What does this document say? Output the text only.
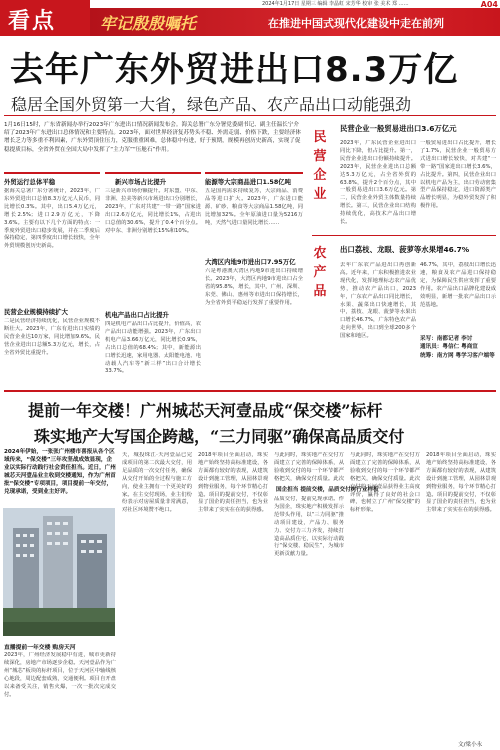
看点	牢记殷殷嘱托	在推进中国式现代化建设中走在前列
2024年1月17日 星期三 编辑 李晶虹 宋芳华 校审 张 美术 郑 ……	A04
去年广东外贸进出口8.3万亿
稳居全国外贸第一大省，绿色产品、农产品出口动能强劲
1月16日15时，广东省新闻办举行2023年广东进出口情况新闻发布会。海关总署广东分署党委副书记、副主任温长宁介绍了2023年广东进出口总体情况和主要特点。2023年，面对世界经济复苏势头不稳、外需走弱、价格下跌，主要经济体增长乏力等多重不利因素，广东外贸顶住压力，克服重重困难，总体稳中有进，好于预期，规模再创历史新高，实现了促稳提质目标，全省外贸在全国大局中发挥了“主力军”“压舱石”作用。
外贸运行总体平稳
据海关总署广东分署统计，2023年，广东外贸进出口总值8.3万亿元人民币，同比增长0.3%。其中，出口5.4万亿元，增长2.5%；进口2.9万亿元，下降3.6%。主要有以下几个方面的特点：一季度外贸进出口稳步发展，并在二季度后保持稳定，第四季度出口增长较快，全年外贸规模创历史新高。
新兴市场占比提升
三是新兴市场份额提升。对东盟、中东、非洲、拉美等新兴市场进出口分别增长，2023年，广东对共建“一带一路”国家进出口2.6万亿元，同比增长1%，占进出口总值的30.6%，提升了0.4个百分点。对中东、非洲分别增长15%和10%。
能源等大宗商品进口1.58亿吨
五是国内需求持续复苏，大宗商品、消费品等进口扩大。2023年，广东进口能源、矿砂、粮食等大宗商品1.58亿吨，同比增加32%。全年原油进口量为5216万吨，天然气进口量同比增长……
民营企业规模持续扩大
二是民营经济持续优化，民营企业规模不断壮大。2023年，广东有进出口实绩的民营企业达10万家，同比增加9.6%。民营企业进出口总额5.3万亿元，增长，占全省外贸比重提升。
机电产品出口占比提升
四是机电产品出口占比提升，价值高，农产品出口动能增强。2023年，广东出口机电产品3.66万亿元，同比增长0.9%，占出口总值的68.4%；其中，新能源出口增长迅速，家用电器、太阳能电池、电动载人汽车等“新三样”出口合计增长33.7%。
大湾区内地9市进出口7.95万亿
六是粤港澳大湾区内地9市进出口持续增长。2023年，大湾区内地9市进出口占全省的95.8%，增长，其中，广州、深圳、东莞、佛山、惠州等市进出口保持增长，为全省外贸平稳运行发挥了重要作用。
民营企业
民营企业一般贸易进出口3.6万亿元
2023年，广东民营企业进出口同比下降，但占比提升。第一，民营企业进出口份额持续提升。2023年，民营企业进出口总额达5.3万亿元，占全省外贸的63.8%，提升2个百分点，其中一般贸易进出口3.6万亿元。第二，民营企业外贸主体数量持续增长。第三，民营企业出口结构持续优化，高技术产品出口增长。
一般贸易进出口占比提升，增长了1.7%，民营企业一般贸易方式进出口增长较快，对共建“一带一路”国家进出口增长3.6%，占比提升。第四，民营企业出口以机电产品为主，出口劳动密集型产品保持稳定，进口资源类产品增长明显，为稳外贸发挥了积极作用。
农产品
出口荔枝、龙眼、菠萝等水果增46.7%
去年广东农产品进出口再创新高。近年来，广东积极推进农业现代化，发挥地理标志农产品优势，推动农产品出口，2023年，广东农产品出口同比增长，水果、蔬菜出口快速增长，其中，荔枝、龙眼、菠萝等水果出口增长46.7%，广东特色农产品走向世界，出口到全球200多个国家和地区。
46.7%，其中，荔枝出口增长迅速，粮食及农产品进口保持稳定，为保障民生供应发挥了重要作用。农产品出口品牌化建设成效明显，新增一批农产品出口示范基地。
采写：南都记者 李讨
通讯员：粤信仁 粤商宣
统筹：南方网 粤学习客户端等
提前一年交楼！广州城芯天河壹品成“保交楼”标杆
珠实地产大写国企跨越，“三力同驱”确保高品质交付
2024年伊始，一张张广州楼市喜报从各个区域传来，“保交楼”三年攻坚战成效显现，企业以实际行动践行社会责任担当。近日，广州城芯天河壹品业主收到交楼通知，作为广州首批“保交楼”专项项目，项目提前一年交付，兑现承诺，受到业主好评。
直播提前一年交楼 购房天河
2023年，广州经济发展稳中有进，城市更新持续深化，房地产市场逐步企稳。天河壹品作为广州“城芯”板块的标杆项目，位于天河区中轴线核心地段，周边配套成熟，交通便利。项目自开盘以来备受关注，销售火爆，一次一批次完成交付。
天，城投珠江·天河壹品已完成项目的第二次最大交付，用足品质的一次交付任务，确保从交付开始的全过程与施工方向，使业主拥有一个更美好的家。在主交付现场，业主们纷纷表示对房屋质量非常满意，对社区环境赞不绝口。
2018年项目全面启动，珠实地产始终坚持高标准建设，各方面都有较好的表现，从建筑设计到施工管理，从园林景观到物业服务，每个环节精心打造。项目的提前交付，不仅彰显了国企的责任担当，也为业主带来了实实在在的获得感。
国企担当 提前交楼，品质交付树行业样板
与此同时，珠实地产在交付方面建立了完善的保障体系，从验收到交付的每一个环节都严格把关，确保交付质量。此次
品质交付，提前兑现承诺。作为国企，珠实地产积极发挥示范带头作用，以“三力同驱”推动项目建设，产品力、服务力、交付力三力齐发，持续打造高品质住宅，以实际行动践行“保交楼、稳民生”，为城市更新贡献力量。
与此同时，珠实地产在交付方面建立了完善的保障体系，从验收到交付的每一个环节都严格把关，确保交付质量。此次交付的天河壹品获得业主高度评价，赢得了良好的社会口碑，也树立了广州“保交楼”的标杆形象。
2018年项目全面启动，珠实地产始终坚持高标准建设，各方面都有较好的表现，从建筑设计到施工管理，从园林景观到物业服务，每个环节精心打造。项目的提前交付，不仅彰显了国企的责任担当，也为业主带来了实实在在的获得感。
文/梁小永
